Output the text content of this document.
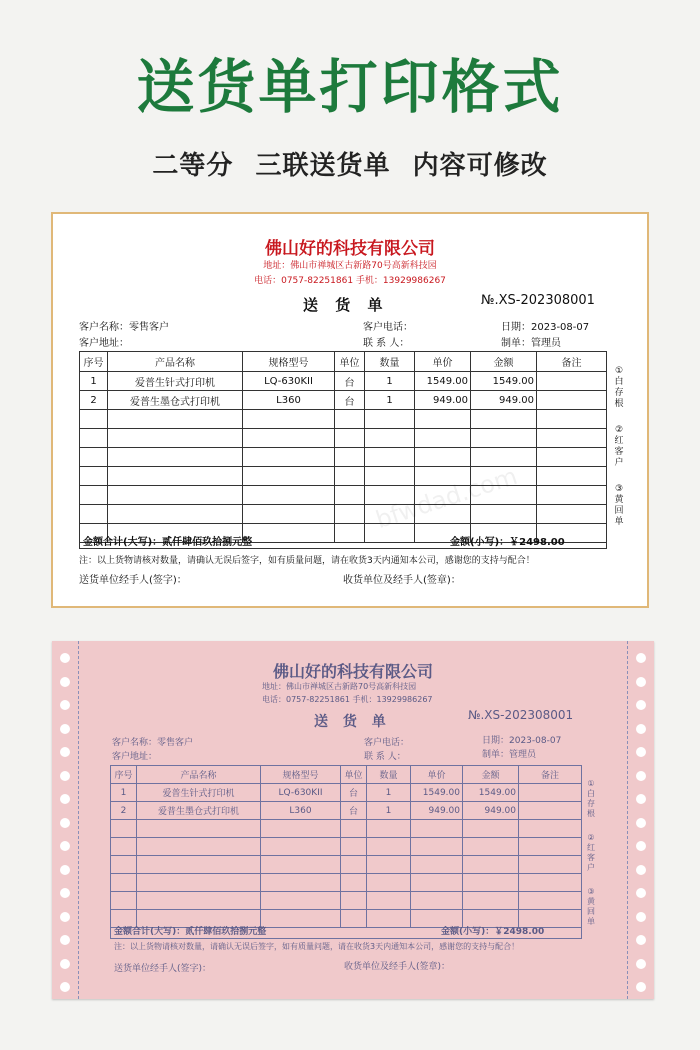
送货单打印格式
二等分 三联送货单 内容可修改
佛山好的科技有限公司
地址：佛山市禅城区古新路70号高新科技园
电话：0757-82251861 手机：13929986267
送 货 单	№.XS-202308001
客户名称：零售客户
客户地址：
客户电话：
联 系 人：
日期：2023-08-07
制单：管理员
序号	产品名称	规格型号	单位	数量	单价	金额	备注
1	爱普生针式打印机	LQ-630KII	台	1	1549.00	1549.00	
2	爱普生墨仓式打印机	L360	台	1	949.00	949.00	

金额合计(大写)：贰仟肆佰玖拾捌元整	金额(小写)：￥2498.00
注：以上货物请核对数量，请确认无误后签字，如有质量问题，请在收货3天内通知本公司，感谢您的支持与配合！
送货单位经手人(签字)：	收货单位及经手人(签章)：
①白存根
②红客户
③黄回单
bfwdad.com
佛山好的科技有限公司
地址：佛山市禅城区古新路70号高新科技园
电话：0757-82251861 手机：13929986267
送 货 单	№.XS-202308001
客户名称：零售客户
客户地址：
客户电话：
联 系 人：
日期：2023-08-07
制单：管理员
序号	产品名称	规格型号	单位	数量	单价	金额	备注
1	爱普生针式打印机	LQ-630KII	台	1	1549.00	1549.00	
2	爱普生墨仓式打印机	L360	台	1	949.00	949.00	

金额合计(大写)：贰仟肆佰玖拾捌元整	金额(小写)：￥2498.00
注：以上货物请核对数量，请确认无误后签字，如有质量问题，请在收货3天内通知本公司，感谢您的支持与配合！
送货单位经手人(签字)：	收货单位及经手人(签章)：
①白存根
②红客户
③黄回单
